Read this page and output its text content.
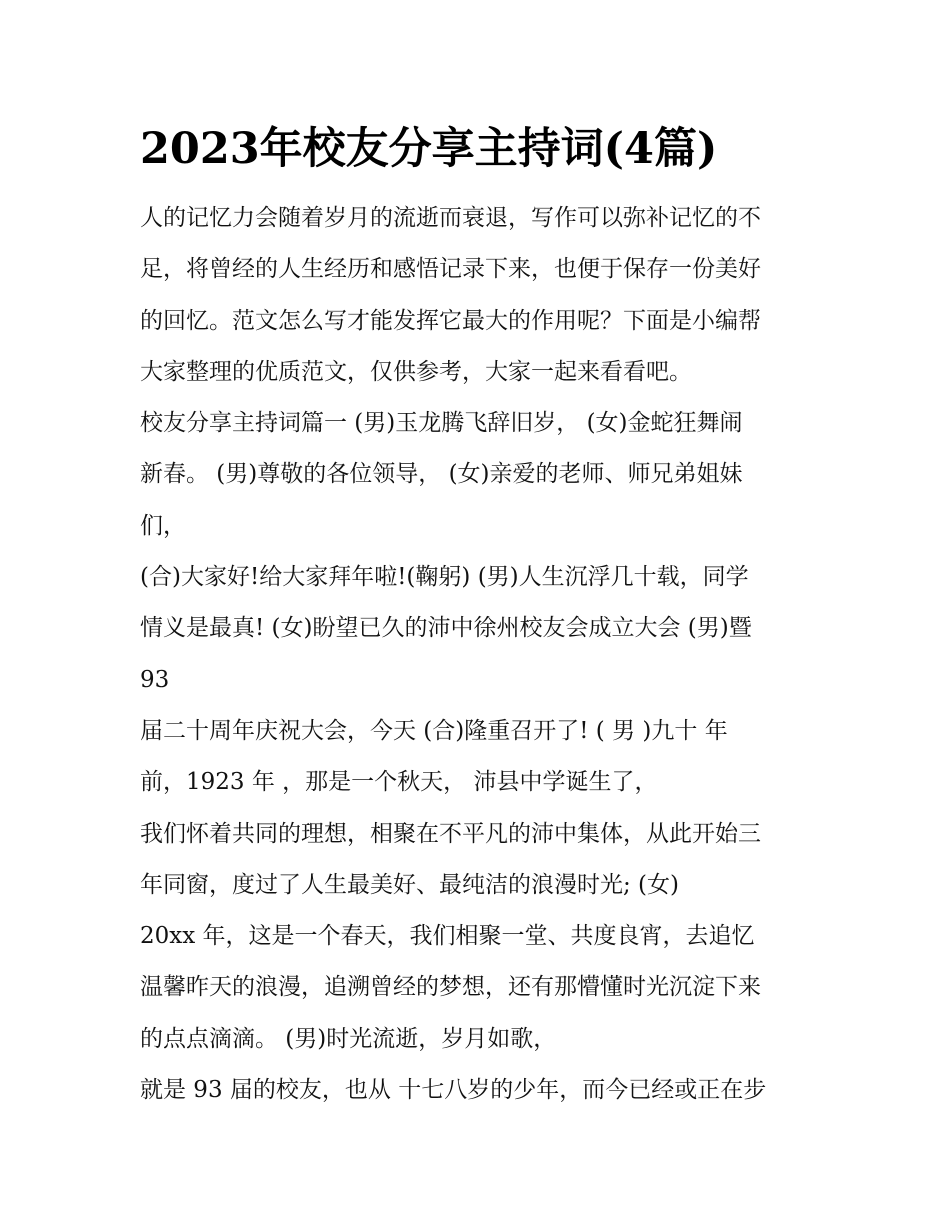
2023年校友分享主持词(4篇)
人的记忆力会随着岁月的流逝而衰退，写作可以弥补记忆的不
足，将曾经的人生经历和感悟记录下来，也便于保存一份美好
的回忆。范文怎么写才能发挥它最大的作用呢？下面是小编帮
大家整理的优质范文，仅供参考，大家一起来看看吧。
校友分享主持词篇一 (男)玉龙腾飞辞旧岁， (女)金蛇狂舞闹
新春。 (男)尊敬的各位领导， (女)亲爱的老师、师兄弟姐妹
们，
(合)大家好!给大家拜年啦!(鞠躬) (男)人生沉浮几十载，同学
情义是最真! (女)盼望已久的沛中徐州校友会成立大会 (男)暨
93
届二十周年庆祝大会，今天 (合)隆重召开了! ( 男 )九十 年
前，1923 年 ，那是一个秋天， 沛县中学诞生了，
我们怀着共同的理想，相聚在不平凡的沛中集体，从此开始三
年同窗，度过了人生最美好、最纯洁的浪漫时光; (女)
20xx 年，这是一个春天，我们相聚一堂、共度良宵，去追忆
温馨昨天的浪漫，追溯曾经的梦想，还有那懵懂时光沉淀下来
的点点滴滴。 (男)时光流逝，岁月如歌，
就是 93 届的校友，也从 十七八岁的少年，而今已经或正在步
